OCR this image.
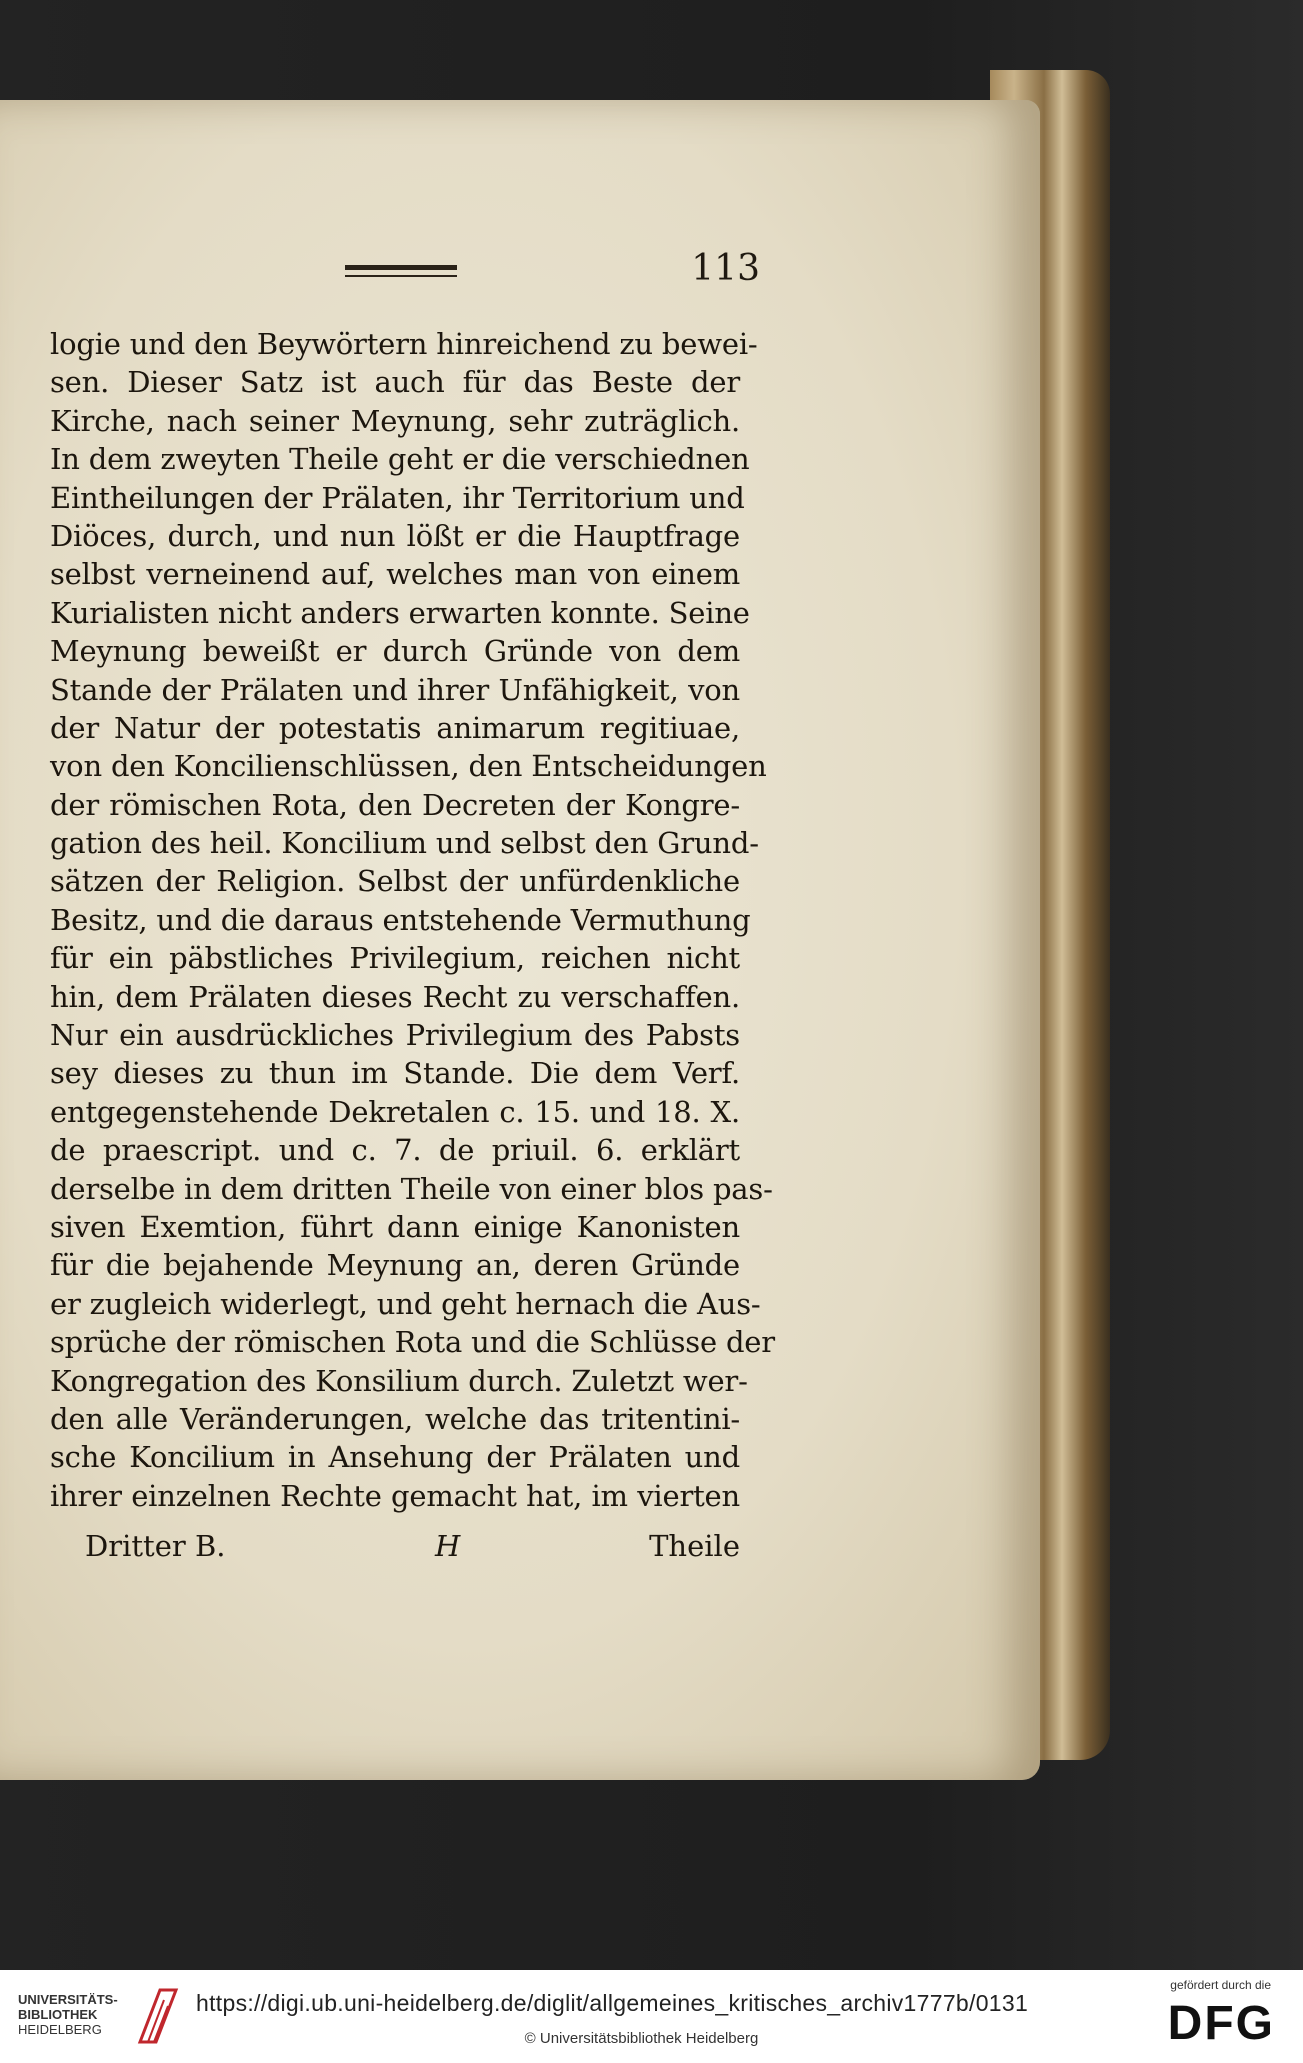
113
logie und den Beywörtern hinreichend zu bewei-
sen. Dieser Satz ist auch für das Beste der
Kirche, nach seiner Meynung, sehr zuträglich.
In dem zweyten Theile geht er die verschiednen
Eintheilungen der Prälaten, ihr Territorium und
Diöces, durch, und nun lößt er die Hauptfrage
selbst verneinend auf, welches man von einem
Kurialisten nicht anders erwarten konnte. Seine
Meynung beweißt er durch Gründe von dem
Stande der Prälaten und ihrer Unfähigkeit, von
der Natur der potestatis animarum regitiuae,
von den Koncilienschlüssen, den Entscheidungen
der römischen Rota, den Decreten der Kongre-
gation des heil. Koncilium und selbst den Grund-
sätzen der Religion. Selbst der unfürdenkliche
Besitz, und die daraus entstehende Vermuthung
für ein päbstliches Privilegium, reichen nicht
hin, dem Prälaten dieses Recht zu verschaffen.
Nur ein ausdrückliches Privilegium des Pabsts
sey dieses zu thun im Stande. Die dem Verf.
entgegenstehende Dekretalen c. 15. und 18. X.
de praescript. und c. 7. de priuil. 6. erklärt
derselbe in dem dritten Theile von einer blos pas-
siven Exemtion, führt dann einige Kanonisten
für die bejahende Meynung an, deren Gründe
er zugleich widerlegt, und geht hernach die Aus-
sprüche der römischen Rota und die Schlüsse der
Kongregation des Konsilium durch. Zuletzt wer-
den alle Veränderungen, welche das tritentini-
sche Koncilium in Ansehung der Prälaten und
ihrer einzelnen Rechte gemacht hat, im vierten
Dritter B.	H	Theile
UNIVERSITÄTS-
BIBLIOTHEK
HEIDELBERG
https://digi.ub.uni-heidelberg.de/diglit/allgemeines_kritisches_archiv1777b/0131
© Universitätsbibliothek Heidelberg
gefördert durch die
DFG
